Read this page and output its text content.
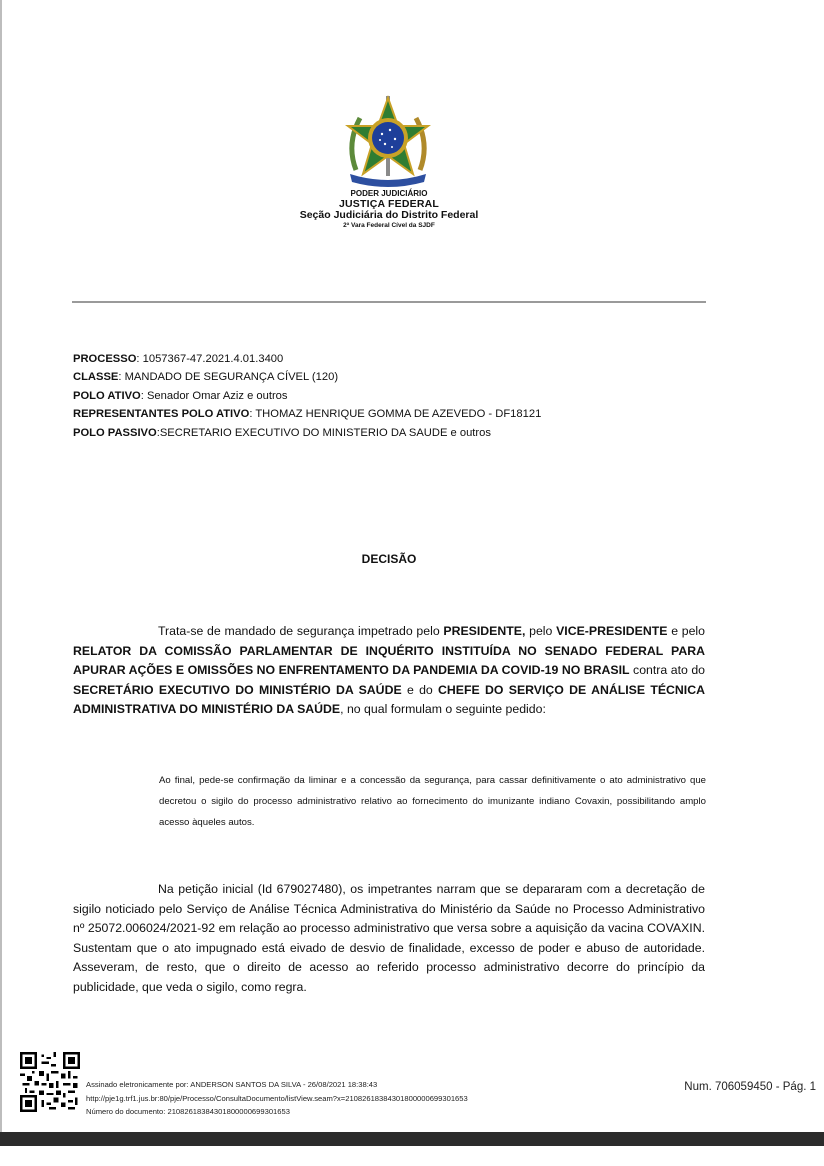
PODER JUDICIÁRIO
JUSTIÇA FEDERAL
Seção Judiciária do Distrito Federal
2ª Vara Federal Cível da SJDF
PROCESSO: 1057367-47.2021.4.01.3400
CLASSE: MANDADO DE SEGURANÇA CÍVEL (120)
POLO ATIVO: Senador Omar Aziz e outros
REPRESENTANTES POLO ATIVO: THOMAZ HENRIQUE GOMMA DE AZEVEDO - DF18121
POLO PASSIVO:SECRETARIO EXECUTIVO DO MINISTERIO DA SAUDE e outros
DECISÃO
Trata-se de mandado de segurança impetrado pelo PRESIDENTE, pelo VICE-PRESIDENTE e pelo RELATOR DA COMISSÃO PARLAMENTAR DE INQUÉRITO INSTITUÍDA NO SENADO FEDERAL PARA APURAR AÇÕES E OMISSÕES NO ENFRENTAMENTO DA PANDEMIA DA COVID-19 NO BRASIL contra ato do SECRETÁRIO EXECUTIVO DO MINISTÉRIO DA SAÚDE e do CHEFE DO SERVIÇO DE ANÁLISE TÉCNICA ADMINISTRATIVA DO MINISTÉRIO DA SAÚDE, no qual formulam o seguinte pedido:
Ao final, pede-se confirmação da liminar e a concessão da segurança, para cassar definitivamente o ato administrativo que decretou o sigilo do processo administrativo relativo ao fornecimento do imunizante indiano Covaxin, possibilitando amplo acesso àqueles autos.
Na petição inicial (Id 679027480), os impetrantes narram que se depararam com a decretação de sigilo noticiado pelo Serviço de Análise Técnica Administrativa do Ministério da Saúde no Processo Administrativo nº 25072.006024/2021-92 em relação ao processo administrativo que versa sobre a aquisição da vacina COVAXIN. Sustentam que o ato impugnado está eivado de desvio de finalidade, excesso de poder e abuso de autoridade. Asseveram, de resto, que o direito de acesso ao referido processo administrativo decorre do princípio da publicidade, que veda o sigilo, como regra.
Assinado eletronicamente por: ANDERSON SANTOS DA SILVA - 26/08/2021 18:38:43
http://pje1g.trf1.jus.br:80/pje/Processo/ConsultaDocumento/listView.seam?x=21082618384301800000699301653
Número do documento: 21082618384301800000699301653
Num. 706059450 - Pág. 1
